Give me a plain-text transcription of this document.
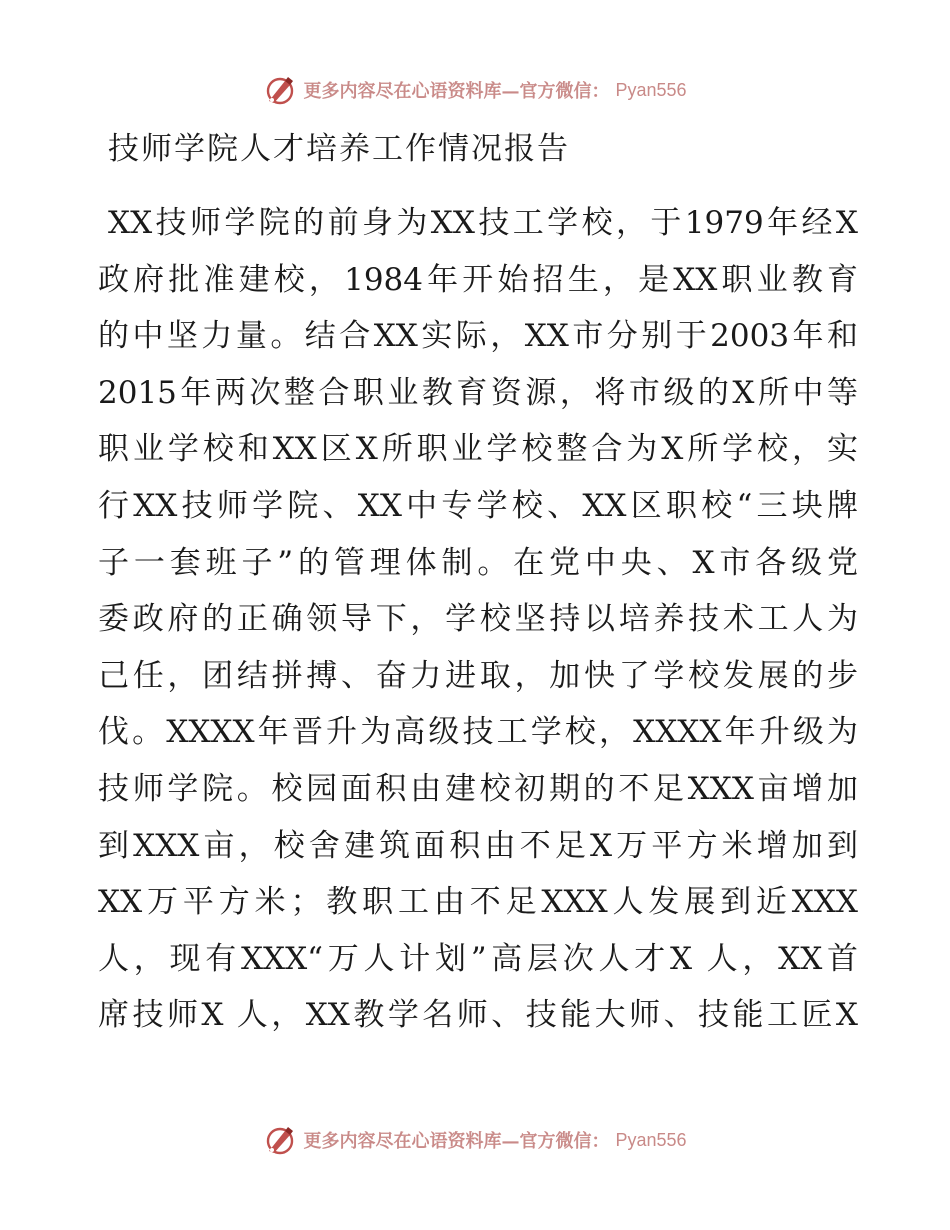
更多内容尽在心语资料库—官方微信： Pyan556
技师学院人才培养工作情况报告
XX技师学院的前身为XX技工学校，于1979年经X
政府批准建校，1984年开始招生，是XX职业教育
的中坚力量。结合XX实际，XX市分别于2003年和
2015年两次整合职业教育资源，将市级的X所中等
职业学校和XX区X所职业学校整合为X所学校，实
行XX技师学院、XX中专学校、XX区职校“三块牌
子一套班子”的管理体制。在党中央、X市各级党
委政府的正确领导下，学校坚持以培养技术工人为
己任，团结拼搏、奋力进取，加快了学校发展的步
伐。XXXX年晋升为高级技工学校，XXXX年升级为
技师学院。校园面积由建校初期的不足XXX亩增加
到XXX亩，校舍建筑面积由不足X万平方米增加到
XX万平方米；教职工由不足XXX人发展到近XXX
人，现有XXX“万人计划”高层次人才X 人，XX首
席技师X 人，XX教学名师、技能大师、技能工匠X
更多内容尽在心语资料库—官方微信： Pyan556
